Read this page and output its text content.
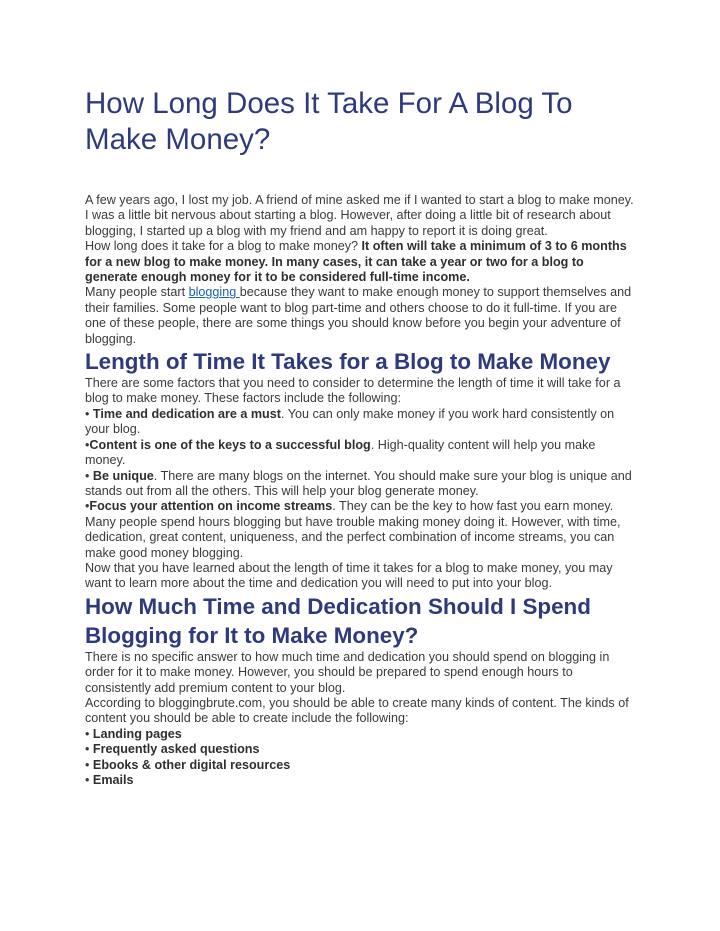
How Long Does It Take For A Blog To Make Money?

A few years ago, I lost my job. A friend of mine asked me if I wanted to start a blog to make money. I was a little bit nervous about starting a blog. However, after doing a little bit of research about blogging, I started up a blog with my friend and am happy to report it is doing great.

How long does it take for a blog to make money? It often will take a minimum of 3 to 6 months for a new blog to make money. In many cases, it can take a year or two for a blog to generate enough money for it to be considered full-time income.

Many people start blogging because they want to make enough money to support themselves and their families. Some people want to blog part-time and others choose to do it full-time. If you are one of these people, there are some things you should know before you begin your adventure of blogging.

Length of Time It Takes for a Blog to Make Money

There are some factors that you need to consider to determine the length of time it will take for a blog to make money. These factors include the following:

• Time and dedication are a must. You can only make money if you work hard consistently on your blog.

•Content is one of the keys to a successful blog. High-quality content will help you make money.

• Be unique. There are many blogs on the internet. You should make sure your blog is unique and stands out from all the others. This will help your blog generate money.

•Focus your attention on income streams. They can be the key to how fast you earn money.

Many people spend hours blogging but have trouble making money doing it. However, with time, dedication, great content, uniqueness, and the perfect combination of income streams, you can make good money blogging.

Now that you have learned about the length of time it takes for a blog to make money, you may want to learn more about the time and dedication you will need to put into your blog.

How Much Time and Dedication Should I Spend Blogging for It to Make Money?

There is no specific answer to how much time and dedication you should spend on blogging in order for it to make money. However, you should be prepared to spend enough hours to consistently add premium content to your blog.

According to bloggingbrute.com, you should be able to create many kinds of content. The kinds of content you should be able to create include the following:

• Landing pages

• Frequently asked questions

• Ebooks & other digital resources

• Emails
